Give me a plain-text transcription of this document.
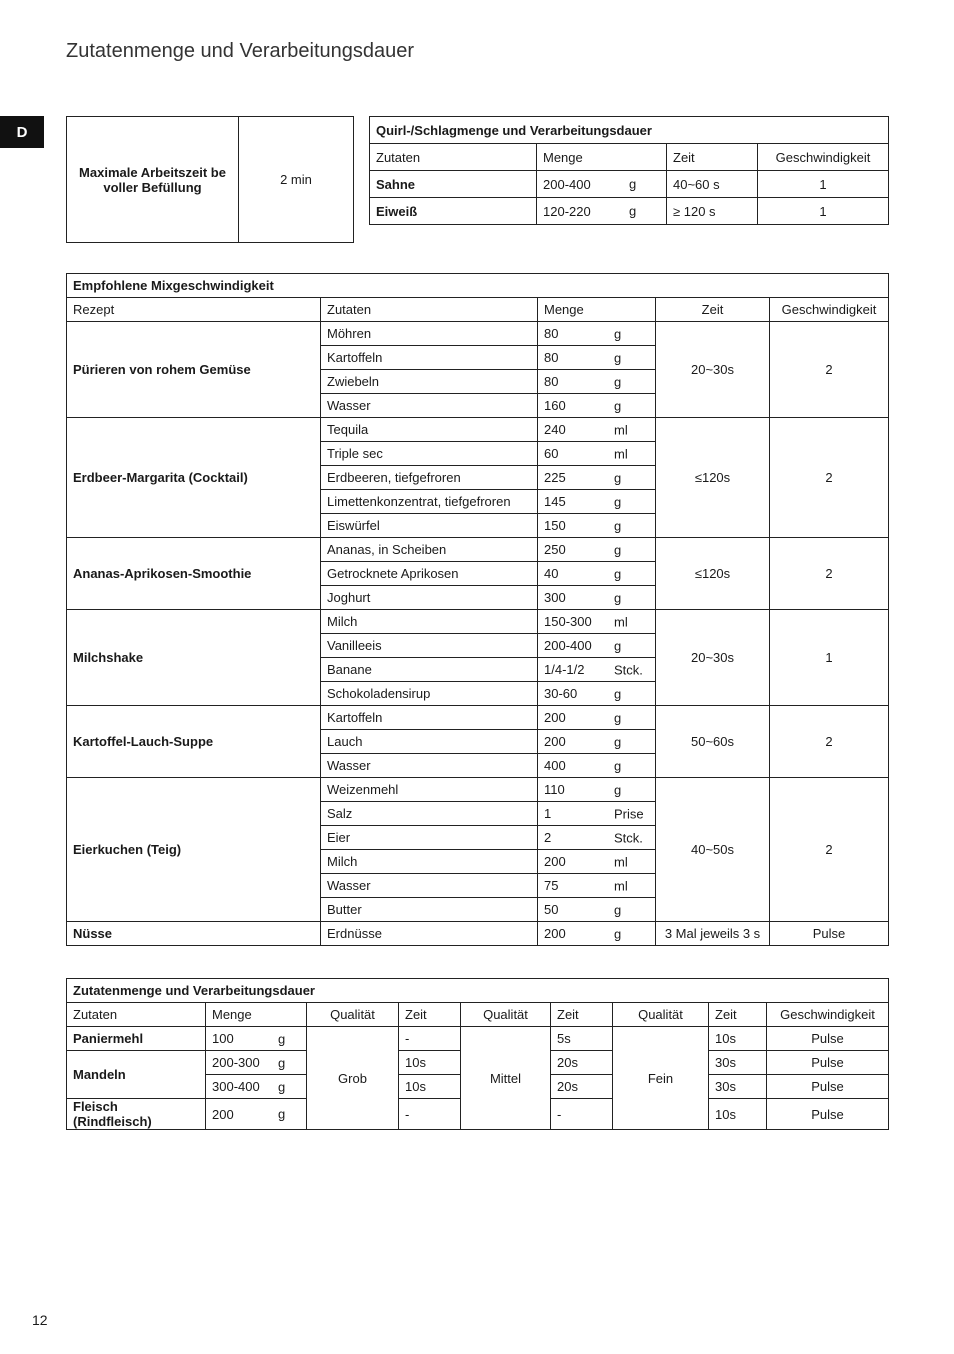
Zutatenmenge und Verarbeitungsdauer
D
12
Maximale Arbeitszeit be voller Befüllung	2 min
Quirl-/Schlagmenge und Verarbeitungsdauer			
Zutaten	Menge	Zeit	Geschwindigkeit
Sahne	200-400 g	40~60 s	1
Eiweiß	120-220 g	≥ 120 s	1
Empfohlene Mixgeschwindigkeit				
Rezept	Zutaten	Menge	Zeit	Geschwindigkeit
Pürieren von rohem Gemüse	Möhren	80 g	20~30s	2
	Kartoffeln	80 g		

	Zwiebeln	80 g		

	Wasser	160 g		

Erdbeer-Margarita (Cocktail)	Tequila	240 ml	≤120s	2
	Triple sec	60 ml		

	Erdbeeren, tiefgefroren	225 g		

	Limettenkonzentrat, tiefgefroren	145 g		

	Eiswürfel	150 g		

Ananas-Aprikosen-Smoothie	Ananas, in Scheiben	250 g	≤120s	2
	Getrocknete Aprikosen	40 g		

	Joghurt	300 g		

Milchshake	Milch	150-300 ml	20~30s	1
	Vanilleeis	200-400 g		

	Banane	1/4-1/2 Stck.		

	Schokoladensirup	30-60 g		

Kartoffel-Lauch-Suppe	Kartoffeln	200 g	50~60s	2
	Lauch	200 g		

	Wasser	400 g		

Eierkuchen (Teig)	Weizenmehl	110 g	40~50s	2
	Salz	1 Prise		

	Eier	2 Stck.		

	Milch	200 ml		

	Wasser	75 ml		

	Butter	50 g		

Nüsse	Erdnüsse	200 g	3 Mal jeweils 3 s	Pulse
Zutatenmenge und Verarbeitungsdauer								
Zutaten	Menge	Qualität	Zeit	Qualität	Zeit	Qualität	Zeit	Geschwindigkeit
Paniermehl	100 g	Grob	-	Mittel	5s	Fein	10s	Pulse
Mandeln	200-300 g		10s		20s		30s	Pulse
	300-400 g		10s		20s		30s	Pulse
Fleisch (Rindfleisch)	200 g		-		-		10s	Pulse
